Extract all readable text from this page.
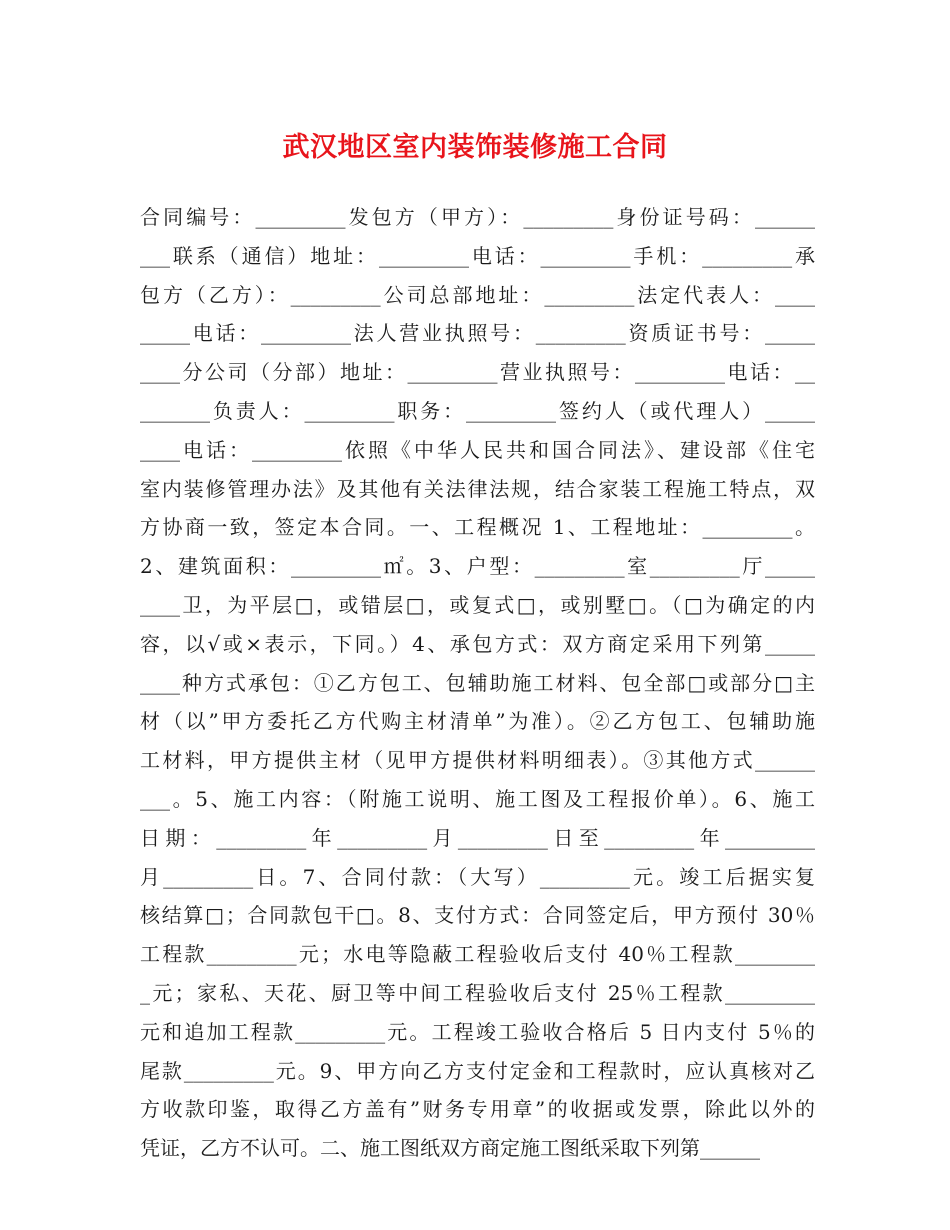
武汉地区室内装饰装修施工合同
合同编号：_________发包方（甲方）：_________身份证号码：______
___联系（通信）地址：_________电话：_________手机：_________承
包方（乙方）：_________公司总部地址：_________法定代表人：____
_____电话：_________法人营业执照号：_________资质证书号：_____
____分公司（分部）地址：_________营业执照号：_________电话：__
_______负责人：_________职务：_________签约人（或代理人）_____
____电话：_________依照《中华人民共和国合同法》、建设部《住宅
室内装修管理办法》及其他有关法律法规，结合家装工程施工特点，双
方协商一致，签定本合同。一、工程概况 1、工程地址：_________。
2、建筑面积：_________㎡。3、户型：_________室_________厅_____
____卫，为平层□，或错层□，或复式□，或别墅□。（□为确定的内
容，以√或×表示，下同。）4、承包方式：双方商定采用下列第_____
____种方式承包：①乙方包工、包辅助施工材料、包全部□或部分□主
材（以”甲方委托乙方代购主材清单”为准）。②乙方包工、包辅助施
工材料，甲方提供主材（见甲方提供材料明细表）。③其他方式______
___。5、施工内容：（附施工说明、施工图及工程报价单）。6、施工
日期：_________年_________月_________日至_________年_________
月_________日。7、合同付款：（大写）_________元。竣工后据实复
核结算□；合同款包干□。8、支付方式：合同签定后，甲方预付 30％
工程款_________元；水电等隐蔽工程验收后支付 40％工程款________
_元；家私、天花、厨卫等中间工程验收后支付 25％工程款_________
元和追加工程款_________元。工程竣工验收合格后 5 日内支付 5％的
尾款_________元。9、甲方向乙方支付定金和工程款时，应认真核对乙
方收款印鉴，取得乙方盖有”财务专用章”的收据或发票，除此以外的
凭证，乙方不认可。二、施工图纸双方商定施工图纸采取下列第______
